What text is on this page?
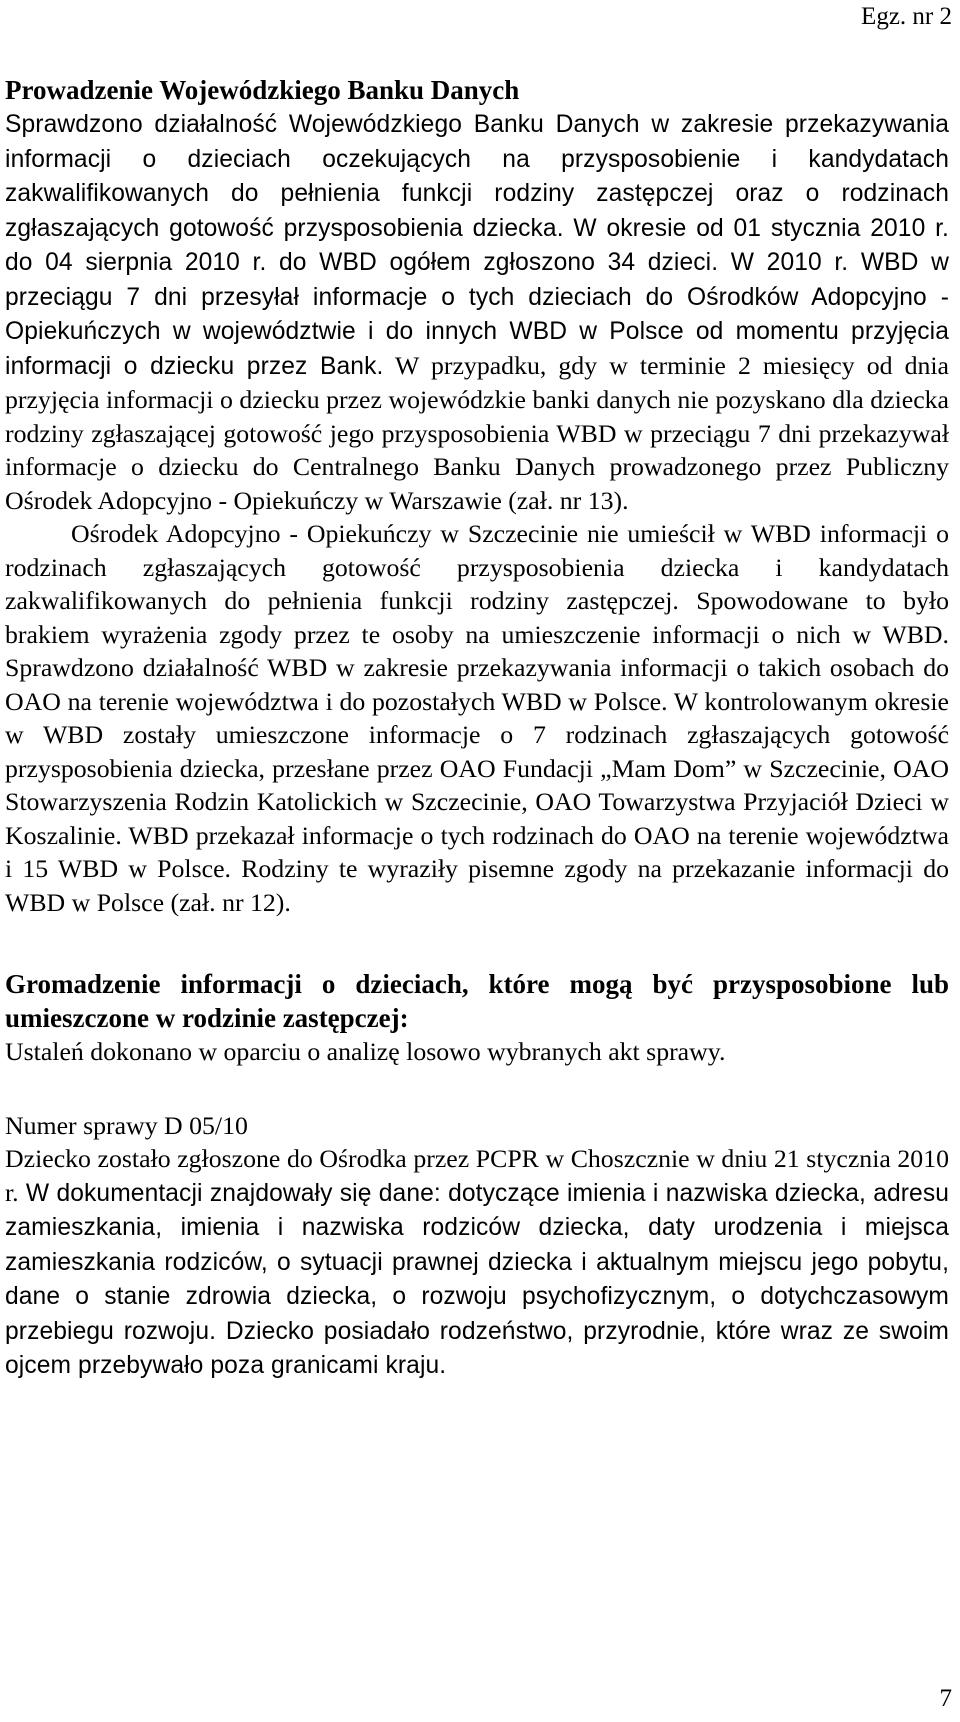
Egz. nr 2

Prowadzenie Wojewódzkiego Banku Danych

Sprawdzono działalność Wojewódzkiego Banku Danych w zakresie przekazywania informacji o dzieciach oczekujących na przysposobienie i kandydatach zakwalifikowanych do pełnienia funkcji rodziny zastępczej oraz o rodzinach zgłaszających gotowość przysposobienia dziecka. W okresie od 01 stycznia 2010 r. do 04 sierpnia 2010 r. do WBD ogółem zgłoszono 34 dzieci. W 2010 r. WBD w przeciągu 7 dni przesyłał informacje o tych dzieciach do Ośrodków Adopcyjno - Opiekuńczych w województwie i do innych WBD w Polsce od momentu przyjęcia informacji o dziecku przez Bank. W przypadku, gdy w terminie 2 miesięcy od dnia przyjęcia informacji o dziecku przez wojewódzkie banki danych nie pozyskano dla dziecka rodziny zgłaszającej gotowość jego przysposobienia WBD w przeciągu 7 dni przekazywał informacje o dziecku do Centralnego Banku Danych prowadzonego przez Publiczny Ośrodek Adopcyjno - Opiekuńczy w Warszawie (zał. nr 13).

Ośrodek Adopcyjno - Opiekuńczy w Szczecinie nie umieścił w WBD informacji o rodzinach zgłaszających gotowość przysposobienia dziecka i kandydatach zakwalifikowanych do pełnienia funkcji rodziny zastępczej. Spowodowane to było brakiem wyrażenia zgody przez te osoby na umieszczenie informacji o nich w WBD. Sprawdzono działalność WBD w zakresie przekazywania informacji o takich osobach do OAO na terenie województwa i do pozostałych WBD w Polsce. W kontrolowanym okresie w WBD zostały umieszczone informacje o 7 rodzinach zgłaszających gotowość przysposobienia dziecka, przesłane przez OAO Fundacji „Mam Dom” w Szczecinie, OAO Stowarzyszenia Rodzin Katolickich w Szczecinie, OAO Towarzystwa Przyjaciół Dzieci w Koszalinie. WBD przekazał informacje o tych rodzinach do OAO na terenie województwa i 15 WBD w Polsce. Rodziny te wyraziły pisemne zgody na przekazanie informacji do WBD w Polsce (zał. nr 12).

Gromadzenie informacji o dzieciach, które mogą być przysposobione lub umieszczone w rodzinie zastępczej:

Ustaleń dokonano w oparciu o analizę losowo wybranych akt sprawy.

Numer sprawy D 05/10

Dziecko zostało zgłoszone do Ośrodka przez PCPR w Choszcznie w dniu 21 stycznia 2010 r. W dokumentacji znajdowały się dane: dotyczące imienia i nazwiska dziecka, adresu zamieszkania, imienia i nazwiska rodziców dziecka, daty urodzenia i miejsca zamieszkania rodziców, o sytuacji prawnej dziecka i aktualnym miejscu jego pobytu, dane o stanie zdrowia dziecka, o rozwoju psychofizycznym, o dotychczasowym przebiegu rozwoju. Dziecko posiadało rodzeństwo, przyrodnie, które wraz ze swoim ojcem przebywało poza granicami kraju.

7
